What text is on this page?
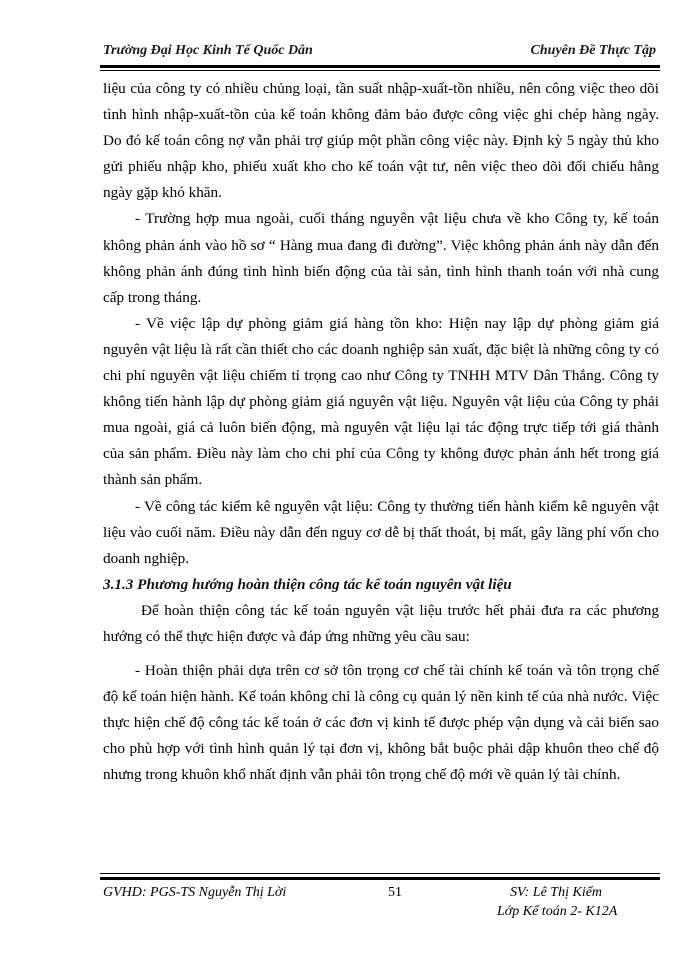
Trường Đại Học Kinh Tế Quốc Dân	Chuyên Đề Thực Tập

liệu của công ty có nhiều chủng loại, tần suất nhập-xuất-tồn nhiều, nên công việc theo dõi tình hình nhập-xuất-tồn của kế toán không đảm bảo được công việc ghi chép hàng ngày. Do đó kế toán công nợ vẫn phải trợ giúp một phần công việc này. Định kỳ 5 ngày thủ kho gửi phiếu nhập kho, phiếu xuất kho cho kế toán vật tư, nên việc theo dõi đối chiếu hằng ngày gặp khó khăn.

- Trường hợp mua ngoài, cuối tháng nguyên vật liệu chưa về kho Công ty, kế toán không phản ánh vào hồ sơ “ Hàng mua đang đi đường”. Việc không phản ánh này dẫn đến không phản ánh đúng tình hình biến động của tài sản, tình hình thanh toán với nhà cung cấp trong tháng.

- Về việc lập dự phòng giảm giá hàng tồn kho: Hiện nay lập dự phòng giảm giá nguyên vật liệu là rất cần thiết cho các doanh nghiệp sản xuất, đặc biệt là những công ty có chi phí nguyên vật liệu chiếm tỉ trọng cao như Công ty TNHH MTV Dân Thắng. Công ty không tiến hành lập dự phòng giảm giá nguyên vật liệu. Nguyên vật liệu của Công ty phải mua ngoài, giá cả luôn biến động, mà nguyên vật liệu lại tác động trực tiếp tới giá thành của sản phẩm. Điều này làm cho chi phí của Công ty không được phản ánh hết trong giá thành sản phẩm.

- Về công tác kiểm kê nguyên vật liệu: Công ty thường tiến hành kiểm kê nguyên vật liệu vào cuối năm. Điều này dẫn đến nguy cơ dễ bị thất thoát, bị mất, gây lãng phí vốn cho doanh nghiệp.

3.1.3 Phương hướng hoàn thiện công tác kế toán nguyên vật liệu

Để hoàn thiện công tác kế toán nguyên vật liệu trước hết phải đưa ra các phương hướng có thể thực hiện được và đáp ứng những yêu cầu sau:

- Hoàn thiện phải dựa trên cơ sở tôn trọng cơ chế tài chính kế toán và tôn trọng chế độ kế toán hiện hành. Kế toán không chỉ là công cụ quản lý nền kinh tế của nhà nước. Việc thực hiện chế độ công tác kế toán ở các đơn vị kinh tế được phép vận dụng và cải biến sao cho phù hợp với tình hình quản lý tại đơn vị, không bắt buộc phải dập khuôn theo chế độ nhưng trong khuôn khổ nhất định vẫn phải tôn trọng chế độ mới về quản lý tài chính.

GVHD: PGS-TS Nguyễn Thị Lời	51	SV: Lê Thị Kiểm
Lớp Kế toán 2- K12A
